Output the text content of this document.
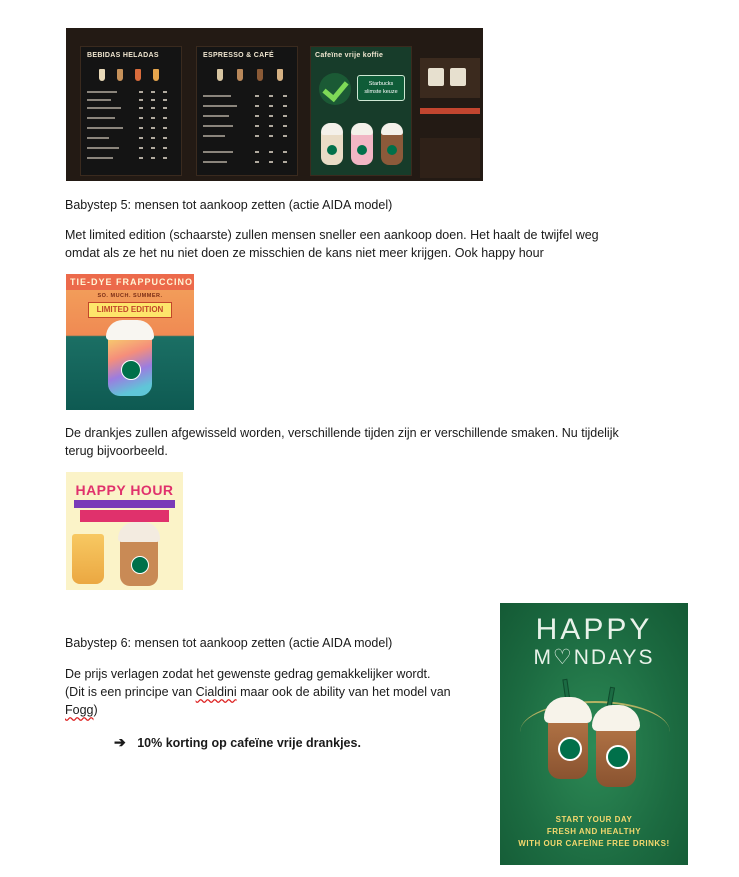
BEBIDAS HELADAS	ESPRESSO & CAFÉ	Cafeïne vrije koffie
Starbucks
slimste keuze
Babystep 5: mensen tot aankoop zetten (actie AIDA model)
Met limited edition (schaarste) zullen mensen sneller een aankoop doen. Het haalt de twijfel weg
omdat als ze het nu niet doen ze misschien de kans niet meer krijgen. Ook happy hour
TIE-DYE FRAPPUCCINO
SO. MUCH. SUMMER.
LIMITED EDITION
De drankjes zullen afgewisseld worden, verschillende tijden zijn er verschillende smaken. Nu tijdelijk
terug bijvoorbeeld.
HAPPY HOUR
Babystep 6: mensen tot aankoop zetten (actie AIDA model)
De prijs verlagen zodat het gewenste gedrag gemakkelijker wordt.
(Dit is een principe van Cialdini maar ook de ability van het model van
Fogg)
➔ 10% korting op cafeïne vrije drankjes.
HAPPY
M♡NDAYS
START YOUR DAY
FRESH AND HEALTHY
WITH OUR CAFEÏNE FREE DRINKS!
